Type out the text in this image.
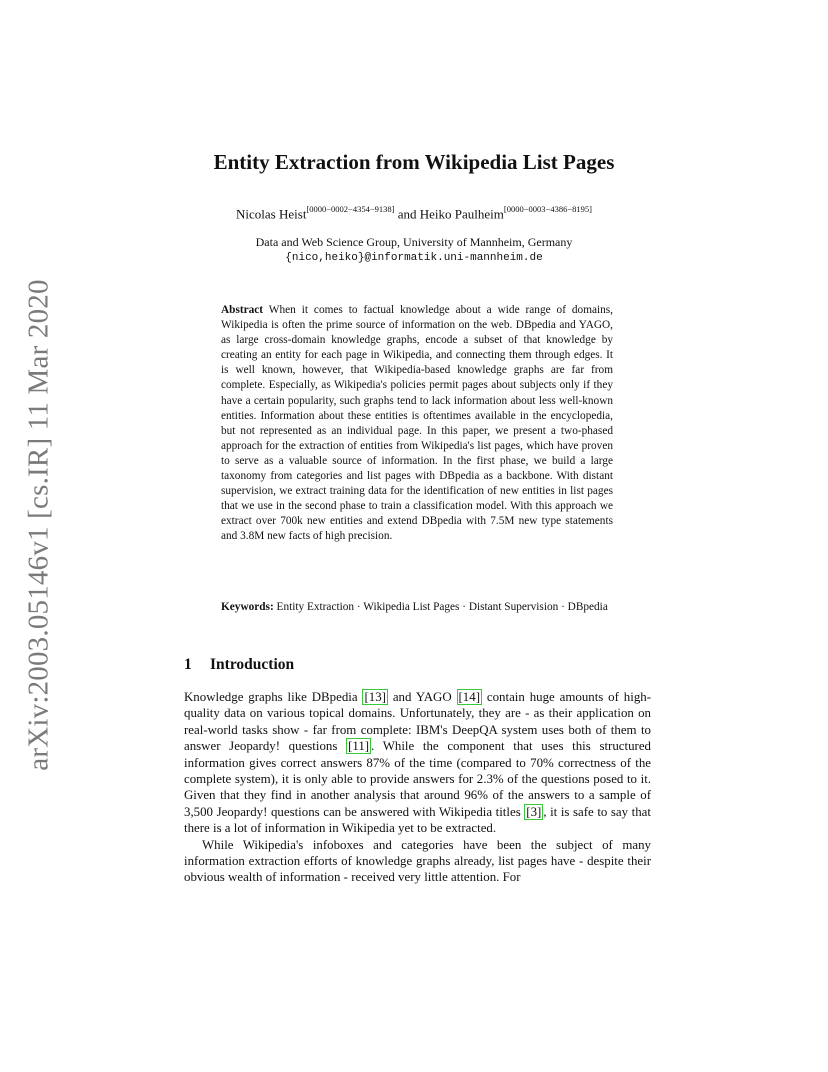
arXiv:2003.05146v1 [cs.IR] 11 Mar 2020
Entity Extraction from Wikipedia List Pages
Nicolas Heist[0000−0002−4354−9138] and Heiko Paulheim[0000−0003−4386−8195]
Data and Web Science Group, University of Mannheim, Germany
{nico,heiko}@informatik.uni-mannheim.de
Abstract When it comes to factual knowledge about a wide range of domains, Wikipedia is often the prime source of information on the web. DBpedia and YAGO, as large cross-domain knowledge graphs, encode a subset of that knowledge by creating an entity for each page in Wikipedia, and connecting them through edges. It is well known, however, that Wikipedia-based knowledge graphs are far from complete. Especially, as Wikipedia's policies permit pages about subjects only if they have a certain popularity, such graphs tend to lack information about less well-known entities. Information about these entities is oftentimes available in the encyclopedia, but not represented as an individual page. In this paper, we present a two-phased approach for the extraction of entities from Wikipedia's list pages, which have proven to serve as a valuable source of information. In the first phase, we build a large taxonomy from categories and list pages with DBpedia as a backbone. With distant supervision, we extract training data for the identification of new entities in list pages that we use in the second phase to train a classification model. With this approach we extract over 700k new entities and extend DBpedia with 7.5M new type statements and 3.8M new facts of high precision.
Keywords: Entity Extraction · Wikipedia List Pages · Distant Supervision · DBpedia
1 Introduction

Knowledge graphs like DBpedia [13] and YAGO [14] contain huge amounts of high-quality data on various topical domains. Unfortunately, they are - as their application on real-world tasks show - far from complete: IBM's DeepQA system uses both of them to answer Jeopardy! questions [11] . While the component that uses this structured information gives correct answers 87% of the time (compared to 70% correctness of the complete system), it is only able to provide answers for 2.3% of the questions posed to it. Given that they find in another analysis that around 96% of the answers to a sample of 3,500 Jeopardy! questions can be answered with Wikipedia titles [3] , it is safe to say that there is a lot of information in Wikipedia yet to be extracted.

While Wikipedia's infoboxes and categories have been the subject of many information extraction efforts of knowledge graphs already, list pages have - despite their obvious wealth of information - received very little attention. For
